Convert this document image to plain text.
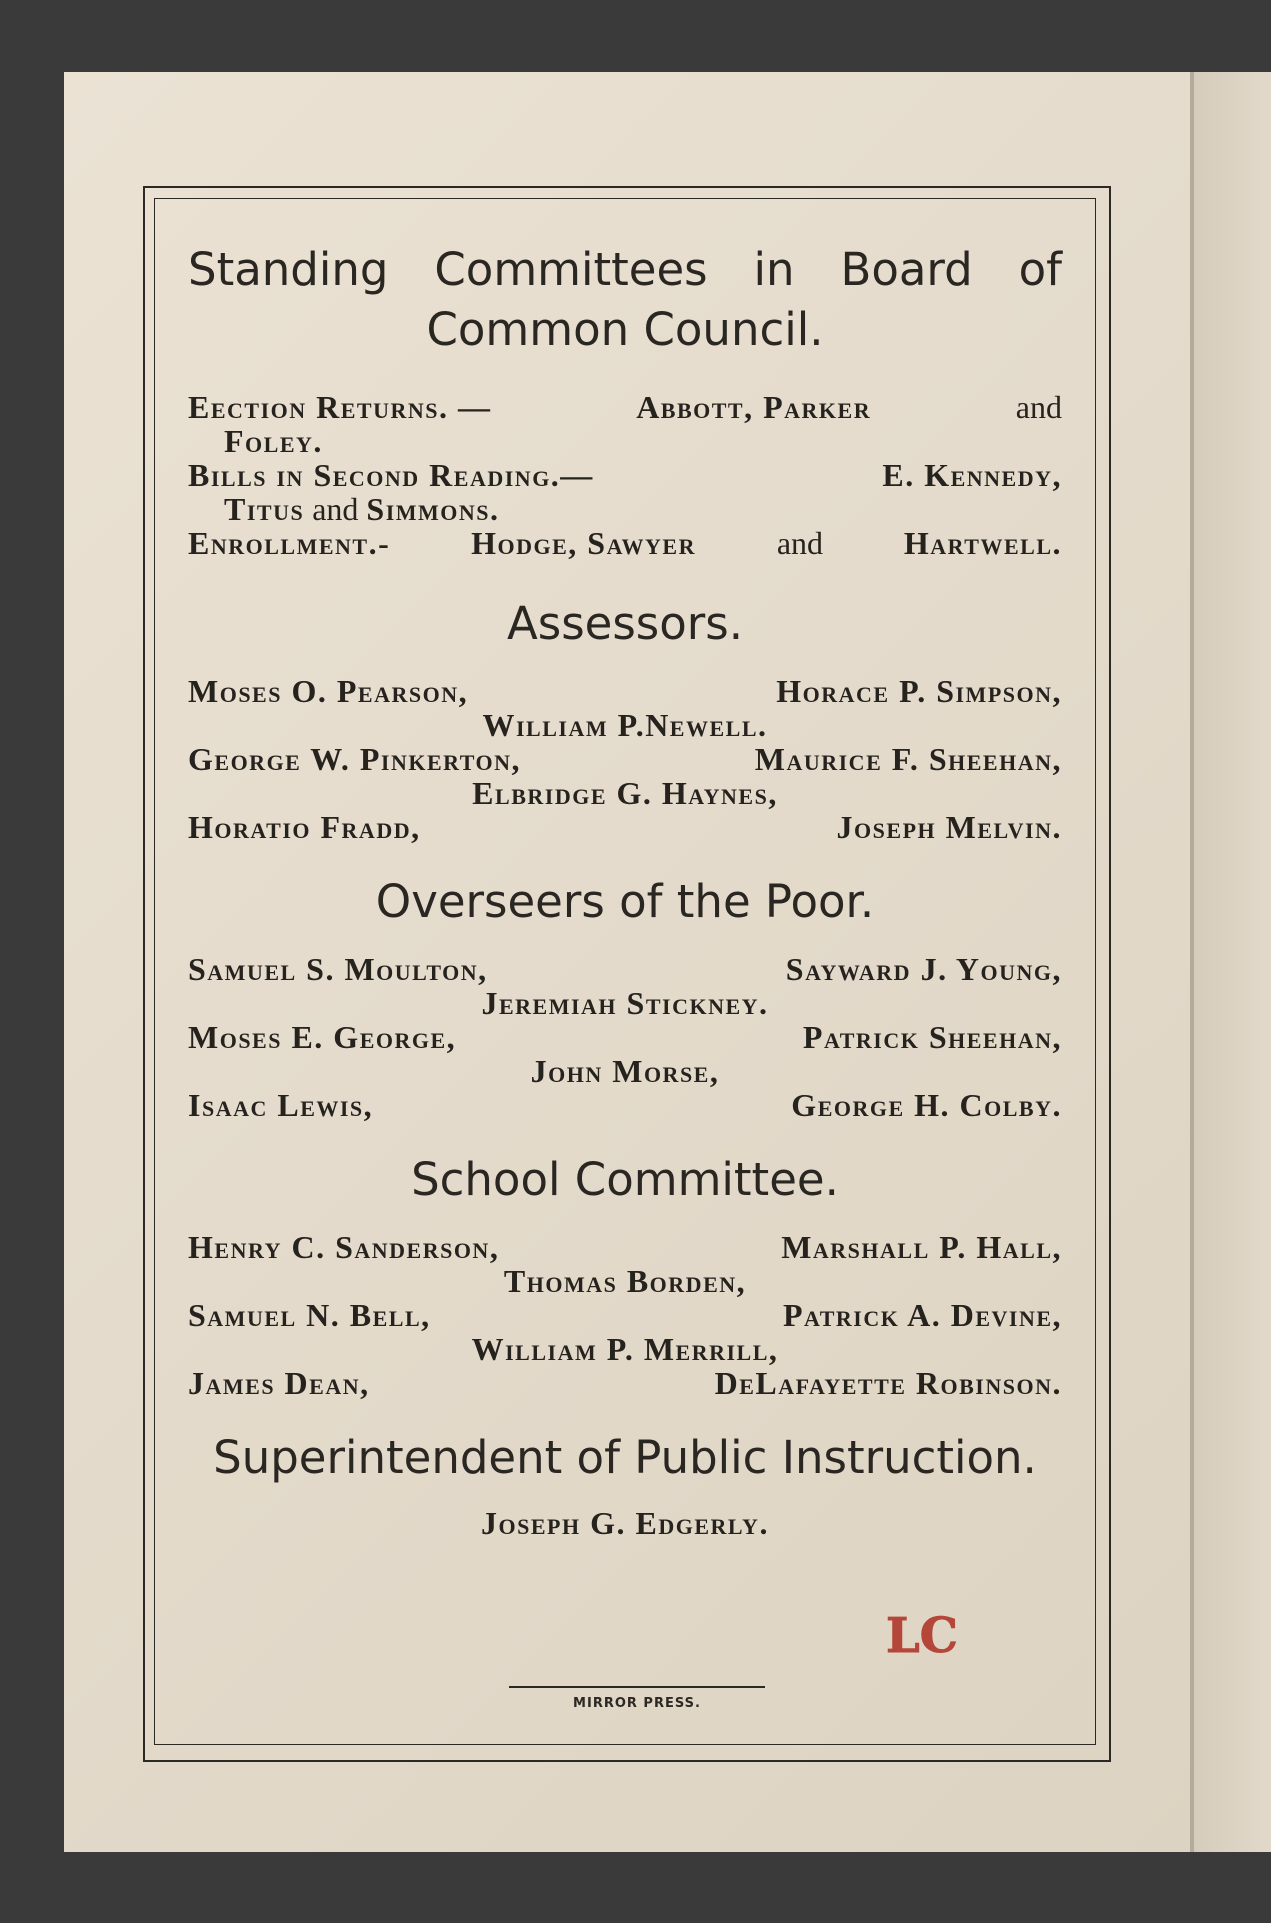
Standing Committees in Board of Common Council.
Eection Returns. —	Abbott, Parker	and
Foley.
Bills in Second Reading.—	E. Kennedy,
Titus and Simmons.
Enrollment.-	Hodge, Sawyer	and	Hartwell.
Assessors.
Moses O. Pearson,	Horace P. Simpson,
William P.Newell.
George W. Pinkerton,	Maurice F. Sheehan,
Elbridge G. Haynes,
Horatio Fradd,	Joseph Melvin.
Overseers of the Poor.
Samuel S. Moulton,	Sayward J. Young,
Jeremiah Stickney.
Moses E. George,	Patrick Sheehan,
John Morse,
Isaac Lewis,	George H. Colby.
School Committee.
Henry C. Sanderson,	Marshall P. Hall,
Thomas Borden,
Samuel N. Bell,	Patrick A. Devine,
William P. Merrill,
James Dean,	DeLafayette Robinson.
Superintendent of Public Instruction.
Joseph G. Edgerly.
LC
MIRROR PRESS.
